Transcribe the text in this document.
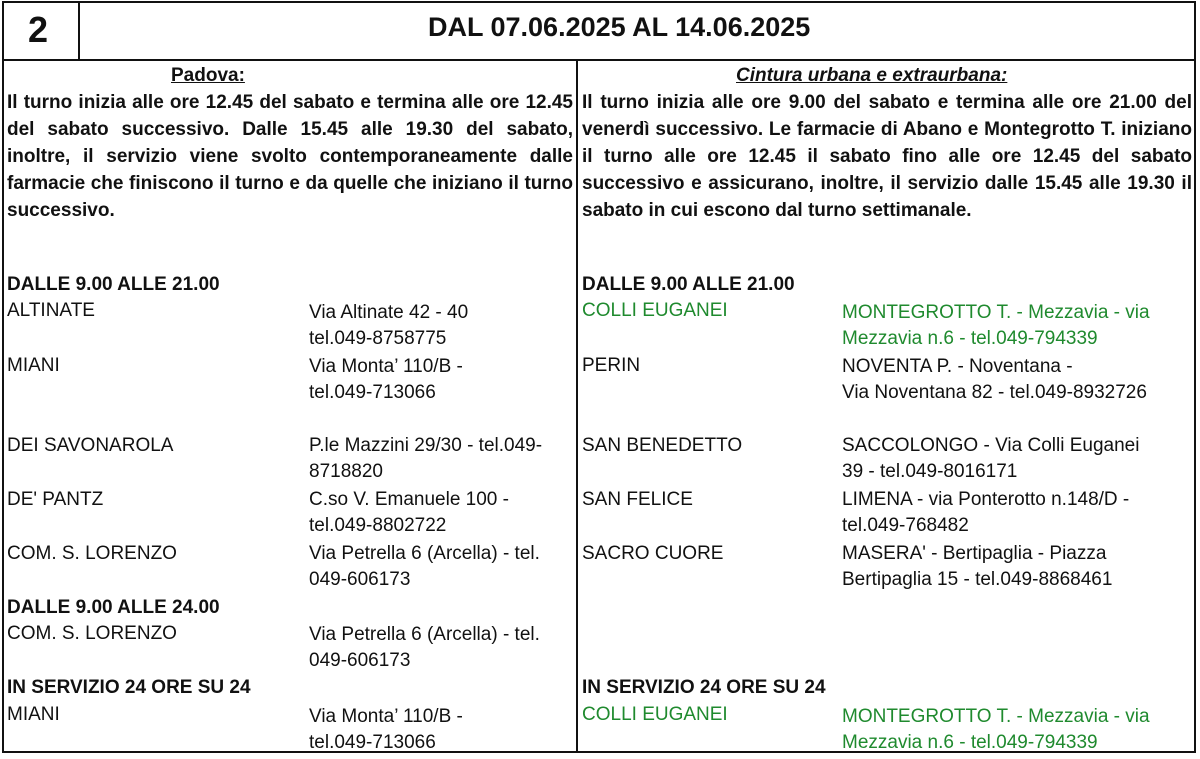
2	DAL 07.06.2025 AL 14.06.2025
Padova:
Il turno inizia alle ore 12.45 del sabato e termina alle ore 12.45 del sabato successivo. Dalle 15.45 alle 19.30 del sabato, inoltre, il servizio viene svolto contemporaneamente dalle farmacie che finiscono il turno e da quelle che iniziano il turno successivo.
DALLE 9.00 ALLE 21.00
ALTINATE	Via Altinate 42 - 40
tel.049-8758775
MIANI	Via Monta’ 110/B -
tel.049-713066
DEI SAVONAROLA	P.le Mazzini 29/30 - tel.049-
8718820
DE' PANTZ	C.so V. Emanuele 100 -
tel.049-8802722
COM. S. LORENZO	Via Petrella 6 (Arcella) - tel.
049-606173
DALLE 9.00 ALLE 24.00
COM. S. LORENZO	Via Petrella 6 (Arcella) - tel.
049-606173
IN SERVIZIO 24 ORE SU 24
MIANI	Via Monta’ 110/B -
tel.049-713066
Cintura urbana e extraurbana:
Il turno inizia alle ore 9.00 del sabato e termina alle ore 21.00 del venerdì successivo. Le farmacie di Abano e Montegrotto T. iniziano il turno alle ore 12.45 il sabato fino alle ore 12.45 del sabato successivo e assicurano, inoltre, il servizio dalle 15.45 alle 19.30 il sabato in cui escono dal turno settimanale.
DALLE 9.00 ALLE 21.00
COLLI EUGANEI	MONTEGROTTO T. - Mezzavia - via
Mezzavia n.6 - tel.049-794339
PERIN	NOVENTA P. - Noventana -
Via Noventana 82 - tel.049-8932726
SAN BENEDETTO	SACCOLONGO - Via Colli Euganei
39 - tel.049-8016171
SAN FELICE	LIMENA - via Ponterotto n.148/D -
tel.049-768482
SACRO CUORE	MASERA' - Bertipaglia - Piazza
Bertipaglia 15 - tel.049-8868461
IN SERVIZIO 24 ORE SU 24
COLLI EUGANEI	MONTEGROTTO T. - Mezzavia - via
Mezzavia n.6 - tel.049-794339
